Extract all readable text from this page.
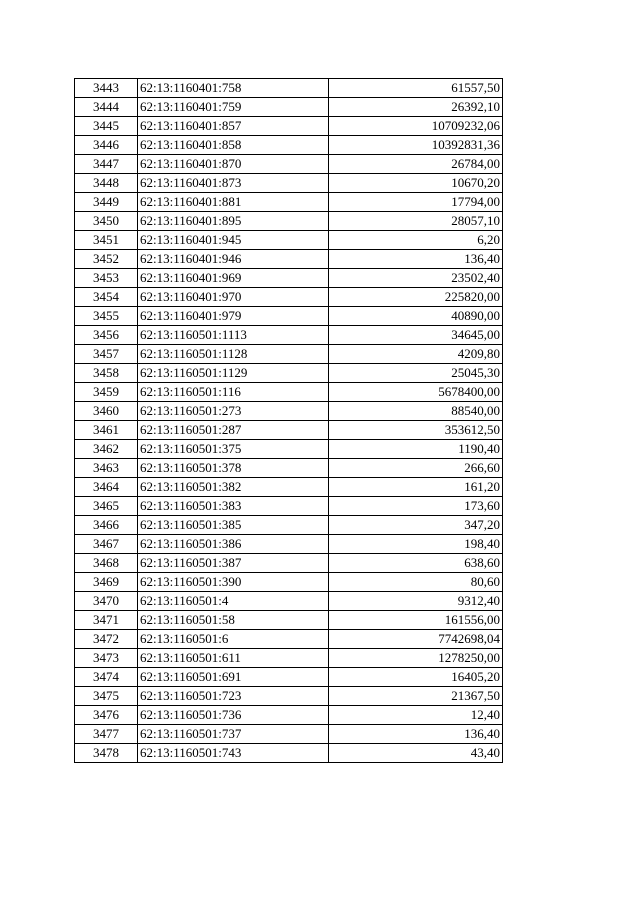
3443	62:13:1160401:758	61557,50
3444	62:13:1160401:759	26392,10
3445	62:13:1160401:857	10709232,06
3446	62:13:1160401:858	10392831,36
3447	62:13:1160401:870	26784,00
3448	62:13:1160401:873	10670,20
3449	62:13:1160401:881	17794,00
3450	62:13:1160401:895	28057,10
3451	62:13:1160401:945	6,20
3452	62:13:1160401:946	136,40
3453	62:13:1160401:969	23502,40
3454	62:13:1160401:970	225820,00
3455	62:13:1160401:979	40890,00
3456	62:13:1160501:1113	34645,00
3457	62:13:1160501:1128	4209,80
3458	62:13:1160501:1129	25045,30
3459	62:13:1160501:116	5678400,00
3460	62:13:1160501:273	88540,00
3461	62:13:1160501:287	353612,50
3462	62:13:1160501:375	1190,40
3463	62:13:1160501:378	266,60
3464	62:13:1160501:382	161,20
3465	62:13:1160501:383	173,60
3466	62:13:1160501:385	347,20
3467	62:13:1160501:386	198,40
3468	62:13:1160501:387	638,60
3469	62:13:1160501:390	80,60
3470	62:13:1160501:4	9312,40
3471	62:13:1160501:58	161556,00
3472	62:13:1160501:6	7742698,04
3473	62:13:1160501:611	1278250,00
3474	62:13:1160501:691	16405,20
3475	62:13:1160501:723	21367,50
3476	62:13:1160501:736	12,40
3477	62:13:1160501:737	136,40
3478	62:13:1160501:743	43,40
